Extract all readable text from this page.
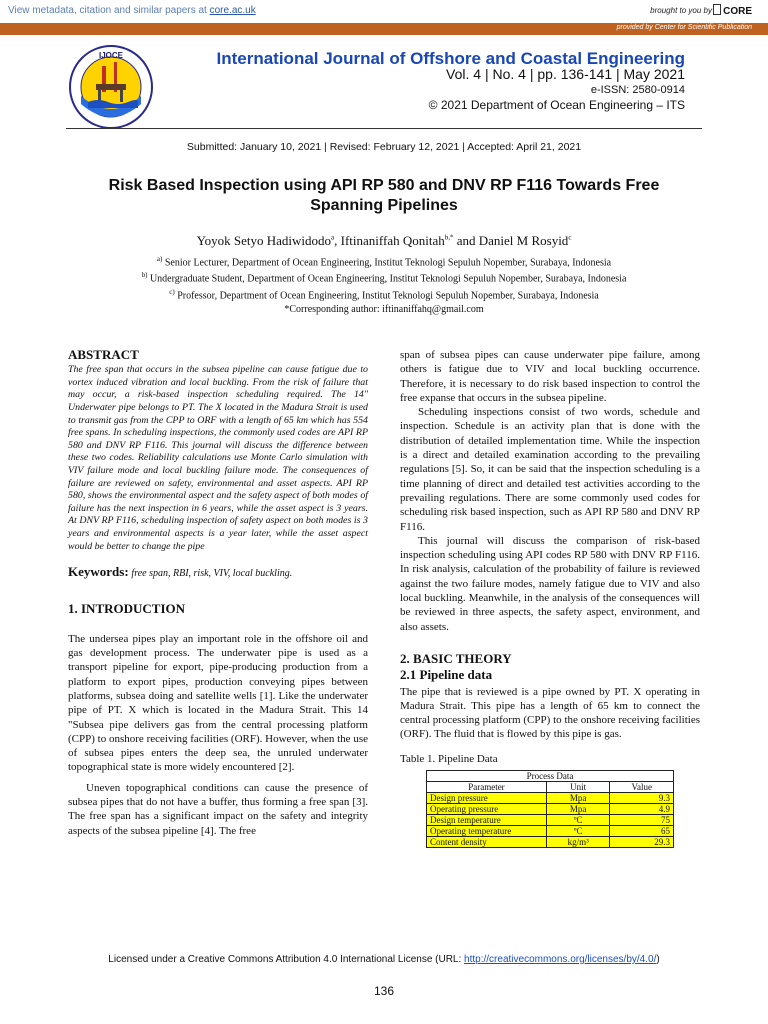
View metadata, citation and similar papers at core.ac.uk	brought to you by	CORE
provided by Center for Scientific Publication
IJOCE	International Journal of Offshore and Coastal Engineering
Vol. 4 | No. 4 | pp. 136-141 | May 2021
e-ISSN: 2580-0914
© 2021 Department of Ocean Engineering – ITS
Submitted: January 10, 2021 | Revised: February 12, 2021 | Accepted: April 21, 2021
Risk Based Inspection using API RP 580 and DNV RP F116 Towards Free
Spanning Pipelines
Yoyok Setyo Hadiwidodo$^a$, Iftinaniffah Qonitah$^{b,*}$ and Daniel M Rosyid$^c$
$^{a)}$ Senior Lecturer, Department of Ocean Engineering, Institut Teknologi Sepuluh Nopember, Surabaya, Indonesia
$^{b)}$ Undergraduate Student, Department of Ocean Engineering, Institut Teknologi Sepuluh Nopember, Surabaya, Indonesia
$^{c)}$ Professor, Department of Ocean Engineering, Institut Teknologi Sepuluh Nopember, Surabaya, Indonesia
*Corresponding author: iftinaniffahq@gmail.com
ABSTRACT

The free span that occurs in the subsea pipeline can cause fatigue due to vortex induced vibration and local buckling. From the risk of failure that may occur, a risk-based inspection scheduling required. The 14" Underwater pipe belongs to PT. The X located in the Madura Strait is used to transmit gas from the CPP to ORF with a length of 65 km which has 554 free spans. In scheduling inspections, the commonly used codes are API RP 580 and DNV RP F116. This journal will discuss the difference between these two codes. Reliability calculations use Monte Carlo simulation with VIV failure mode and local buckling failure mode. The consequences of failure are reviewed on safety, environmental and asset aspects. API RP 580, shows the environmental aspect and the safety aspect of both modes of failure has the next inspection in 6 years, while the asset aspect is 3 years. At DNV RP F116, scheduling inspection of safety aspect on both modes is 3 years and environmental aspects is a year later, while the asset aspect would be better to change the pipe

Keywords: free span, RBI, risk, VIV, local buckling.

1. INTRODUCTION

The undersea pipes play an important role in the offshore oil and gas development process. The underwater pipe is used as a transport pipeline for export, pipe-producing production from a platform to export pipes, production conveying pipes between platforms, subsea doing and satellite wells [1]. Like the underwater pipe of PT. X which is located in the Madura Strait. This 14 "Subsea pipe delivers gas from the central processing platform (CPP) to onshore receiving facilities (ORF). However, when the use of subsea pipes enters the deep sea, the unruled underwater topographical state is more widely encountered [2].

Uneven topographical conditions can cause the presence of subsea pipes that do not have a buffer, thus forming a free span [3]. The free span has a significant impact on the safety and integrity aspects of the subsea pipeline [4]. The free

span of subsea pipes can cause underwater pipe failure, among others is fatigue due to VIV and local buckling occurrence. Therefore, it is necessary to do risk based inspection to control the free expanse that occurs in the subsea pipeline.

Scheduling inspections consist of two words, schedule and inspection. Schedule is an activity plan that is done with the distribution of detailed implementation time. While the inspection is a direct and detailed examination according to the prevailing regulations [5]. So, it can be said that the inspection scheduling is a time planning of direct and detailed test activities according to the prevailing regulations. There are some commonly used codes for scheduling risk based inspection, such as API RP 580 and DNV RP F116.

This journal will discuss the comparison of risk-based inspection scheduling using API codes RP 580 with DNV RP F116. In risk analysis, calculation of the probability of failure is reviewed against the two failure modes, namely fatigue due to VIV and also local buckling. Meanwhile, in the analysis of the consequences will be reviewed in three aspects, the safety aspect, environment, and also assets.

2. BASIC THEORY
2.1 Pipeline data

The pipe that is reviewed is a pipe owned by PT. X operating in Madura Strait. This pipe has a length of 65 km to connect the central processing platform (CPP) to the onshore receiving facilities (ORF). The fluid that is flowed by this pipe is gas.

Table 1. Pipeline Data

Process Data		
Parameter	Unit	Value
Design pressure	Mpa	9.3
Operating pressure	Mpa	4.9
Design temperature	ºC	75
Operating temperature	ºC	65
Content density	kg/m³	29.3
Licensed under a Creative Commons Attribution 4.0 International License (URL: http://creativecommons.org/licenses/by/4.0/)
136
